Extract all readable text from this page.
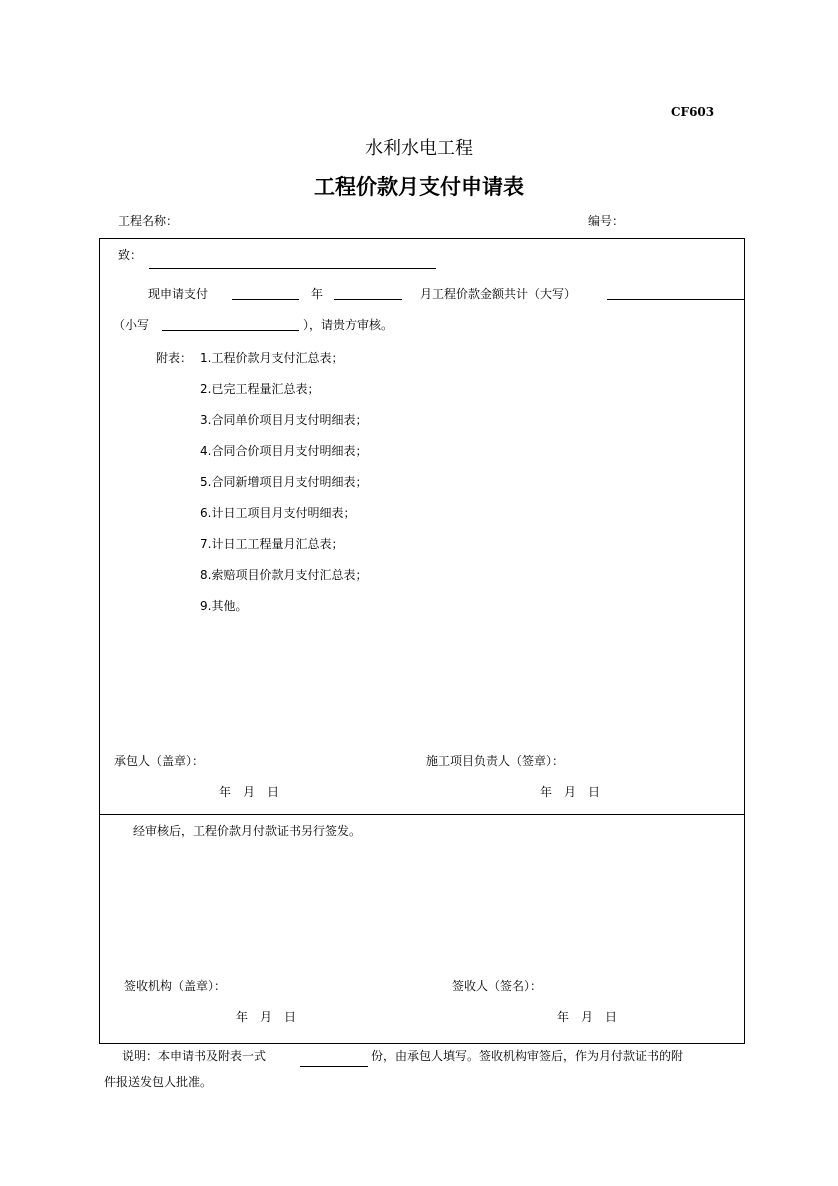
CF603
水利水电工程
工程价款月支付申请表
工程名称：	编号：
致：
现申请支付	年	月工程价款金额共计（大写）
（小写	），请贵方审核。
附表： 1.工程价款月支付汇总表；
2.已完工程量汇总表；
3.合同单价项目月支付明细表；
4.合同合价项目月支付明细表；
5.合同新增项目月支付明细表；
6.计日工项目月支付明细表；
7.计日工工程量月汇总表；
8.索赔项目价款月支付汇总表；
9.其他。
承包人（盖章）：	施工项目负责人（签章）：
年　月　日	年　月　日
经审核后，工程价款月付款证书另行签发。
签收机构（盖章）：	签收人（签名）：
年　月　日	年　月　日
说明：本申请书及附表一式	份，由承包人填写。签收机构审签后，作为月付款证书的附
件报送发包人批准。
